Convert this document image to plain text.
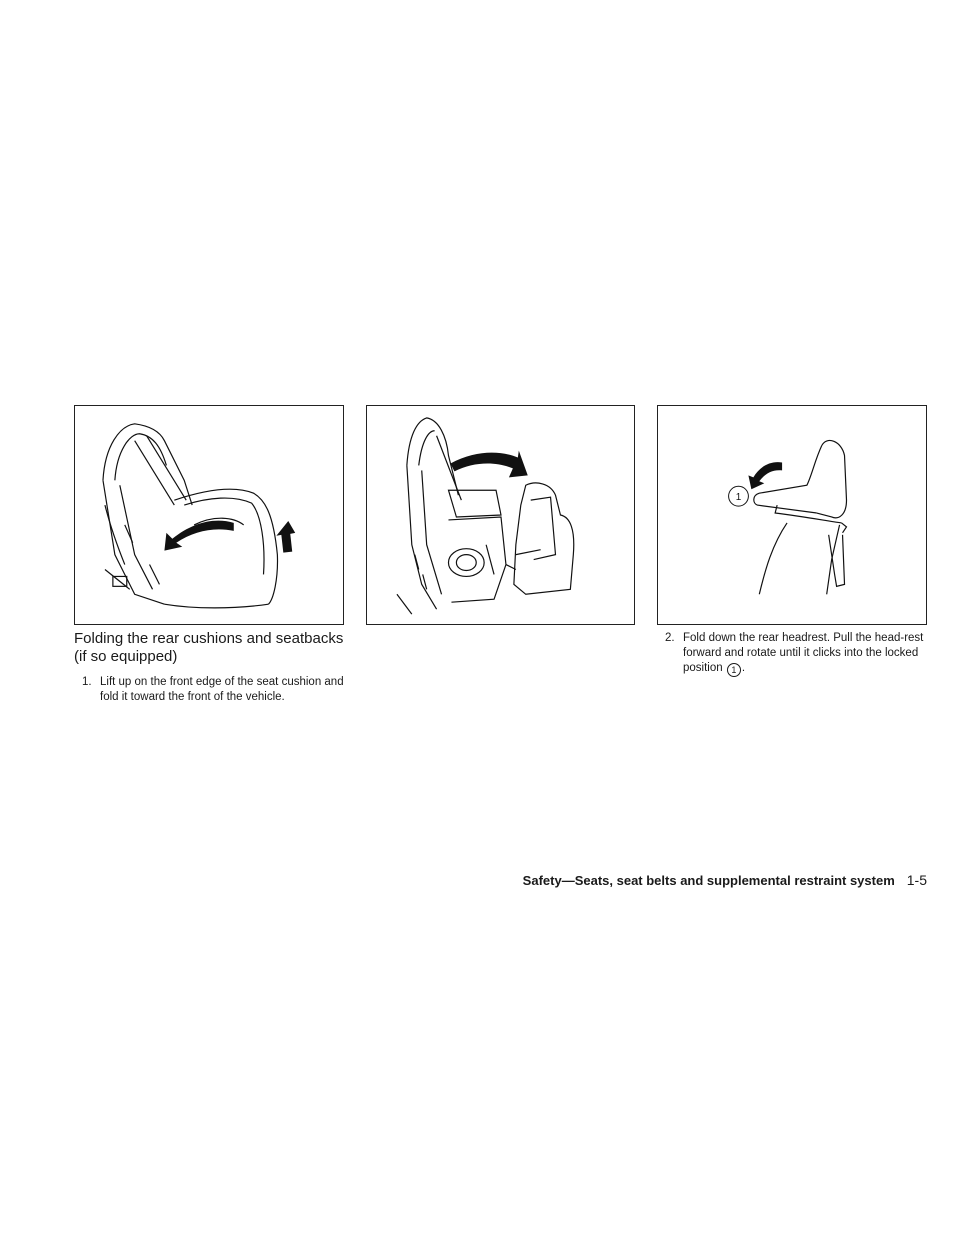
1
Folding the rear cushions and seatbacks (if so equipped)
1. Lift up on the front edge of the seat cushion and fold it toward the front of the vehicle.
2. Fold down the rear headrest. Pull the head-rest forward and rotate until it clicks into the locked position 1 .
Safety—Seats, seat belts and supplemental restraint system 1-5
